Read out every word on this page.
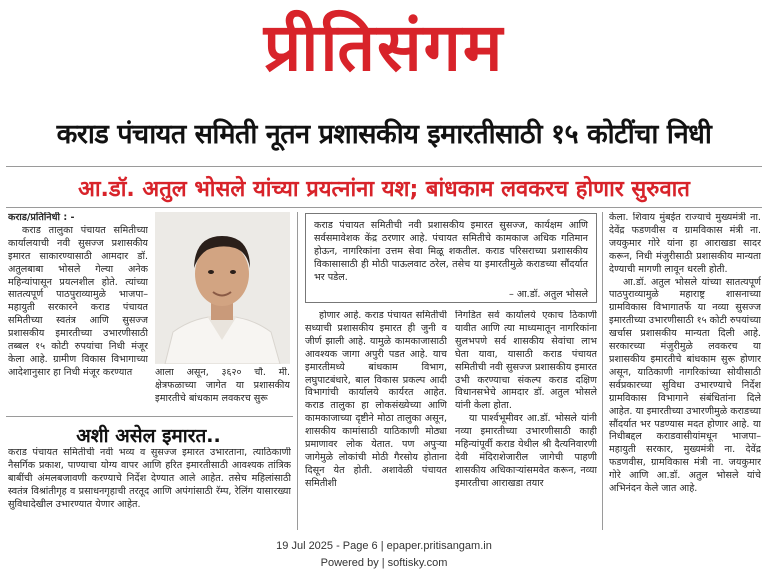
प्रीतिसंगम
कराड पंचायत समिती नूतन प्रशासकीय इमारतीसाठी १५ कोटींचा निधी
आ.डॉ. अतुल भोसले यांच्या प्रयत्नांना यश; बांधकाम लवकरच होणार सुरुवात

कराड/प्रतिनिधी : -

कराड तालुका पंचायत समितीच्या कार्यालयाची नवी सुसज्ज प्रशासकीय इमारत साकारण्यासाठी आमदार डॉ. अतुलबाबा भोसले गेल्या अनेक महिन्यांपासून प्रयत्नशील होते. त्यांच्या सातत्यपूर्ण पाठपुराव्यामुळे भाजपा–महायुती सरकारने कराड पंचायत समितीच्या स्वतंत्र आणि सुसज्ज प्रशासकीय इमारतीच्या उभारणीसाठी तब्बल १५ कोटी रुपयांचा निधी मंजूर केला आहे. ग्रामीण विकास विभागाच्या आदेशानुसार हा निधी मंजूर करण्यात	आला असून, ३६२० चौ. मी. क्षेत्रफळाच्या जागेत या प्रशासकीय इमारतीचे बांधकाम लवकरच सुरू

अशी असेल इमारत..

कराड पंचायत समितीची नवी भव्य व सुसज्ज इमारत उभारताना, त्याठिकाणी नैसर्गिक प्रकाश, पाण्याचा योग्य वापर आणि हरित इमारतीसाठी आवश्यक तांत्रिक बाबींची अंमलबजावणी करण्याचे निर्देश देण्यात आले आहेत. तसेच महिलांसाठी स्वतंत्र विश्रांतीगृह व प्रसाधनगृहाची तरतूद आणि अपंगांसाठी रॅम्प, रेलिंग यासारख्या सुविधादेखील उभारण्यात येणार आहेत.

कराड पंचायत समितीची नवी प्रशासकीय इमारत सुसज्ज, कार्यक्षम आणि सर्वसमावेशक केंद्र ठरणार आहे. पंचायत समितीचे कामकाज अधिक गतिमान होऊन, नागरिकांना उत्तम सेवा मिळू शकतील. कराड परिसराच्या प्रशासकीय विकासासाठी ही मोठी पाऊलवाट ठरेल, तसेच या इमारतीमुळे कराडच्या सौंदर्यात भर पडेल.
– आ.डॉ. अतुल भोसले

होणार आहे. कराड पंचायत समितीची सध्याची प्रशासकीय इमारत ही जुनी व जीर्ण झाली आहे. यामुळे कामकाजासाठी आवश्यक जागा अपुरी पडत आहे. याच इमारतीमध्ये बांधकाम विभाग, लघुपाटबंधारे, बाल विकास प्रकल्प आदी विभागांची कार्यालये कार्यरत आहेत. कराड तालुका हा लोकसंख्येच्या आणि कामकाजाच्या दृष्टीने मोठा तालुका असून, शासकीय कामांसाठी याठिकाणी मोठ्या प्रमाणावर लोक येतात. पण अपुऱ्या जागेमुळे लोकांची मोठी गैरसोय होताना दिसून येत होती. अशावेळी पंचायत समितीशी

निगडित सर्व कार्यालये एकाच ठिकाणी यावीत आणि त्या माध्यमातून नागरिकांना सुलभपणे सर्व शासकीय सेवांचा लाभ घेता यावा, यासाठी कराड पंचायत समितीची नवी सुसज्ज प्रशासकीय इमारत उभी करण्याचा संकल्प कराड दक्षिण विधानसभेचे आमदार डॉ. अतुल भोसले यांनी केला होता.

या पार्श्वभूमीवर आ.डॉ. भोसले यांनी नव्या इमारतीच्या उभारणीसाठी काही महिन्यांपूर्वी कराड येथील श्री दैत्यनिवारणी देवी मंदिराशेजारील जागेची पाहणी शासकीय अधिकाऱ्यांसमवेत करून, नव्या इमारतीचा आराखडा तयार

केला. शिवाय मुंबईत राज्याचे मुख्यमंत्री ना. देवेंद्र फडणवीस व ग्रामविकास मंत्री ना. जयकुमार गोरे यांना हा आराखडा सादर करून, निधी मंजुरीसाठी प्रशासकीय मान्यता देण्याची मागणी लावून धरली होती.

आ.डॉ. अतुल भोसले यांच्या सातत्यपूर्ण पाठपुराव्यामुळे महाराष्ट्र शासनाच्या ग्रामविकास विभागातर्फे या नव्या सुसज्ज इमारतीच्या उभारणीसाठी १५ कोटी रुपयांच्या खर्चास प्रशासकीय मान्यता दिली आहे. सरकारच्या मंजुरीमुळे लवकरच या प्रशासकीय इमारतीचे बांधकाम सुरू होणार असून, याठिकाणी नागरिकांच्या सोयीसाठी सर्वप्रकारच्या सुविधा उभारण्याचे निर्देश ग्रामविकास विभागाने संबंधितांना दिले आहेत. या इमारतीच्या उभारणीमुळे कराडच्या सौंदर्यात भर पडण्यास मदत होणार आहे. या निधीबद्दल कराडवासीयांमधून भाजपा–महायुती सरकार, मुख्यमंत्री ना. देवेंद्र फडणवीस, ग्रामविकास मंत्री ना. जयकुमार गोरे आणि आ.डॉ. अतुल भोसले यांचे अभिनंदन केले जात आहे.

19 Jul 2025 - Page 6 | epaper.pritisangam.in
Powered by | softisky.com
